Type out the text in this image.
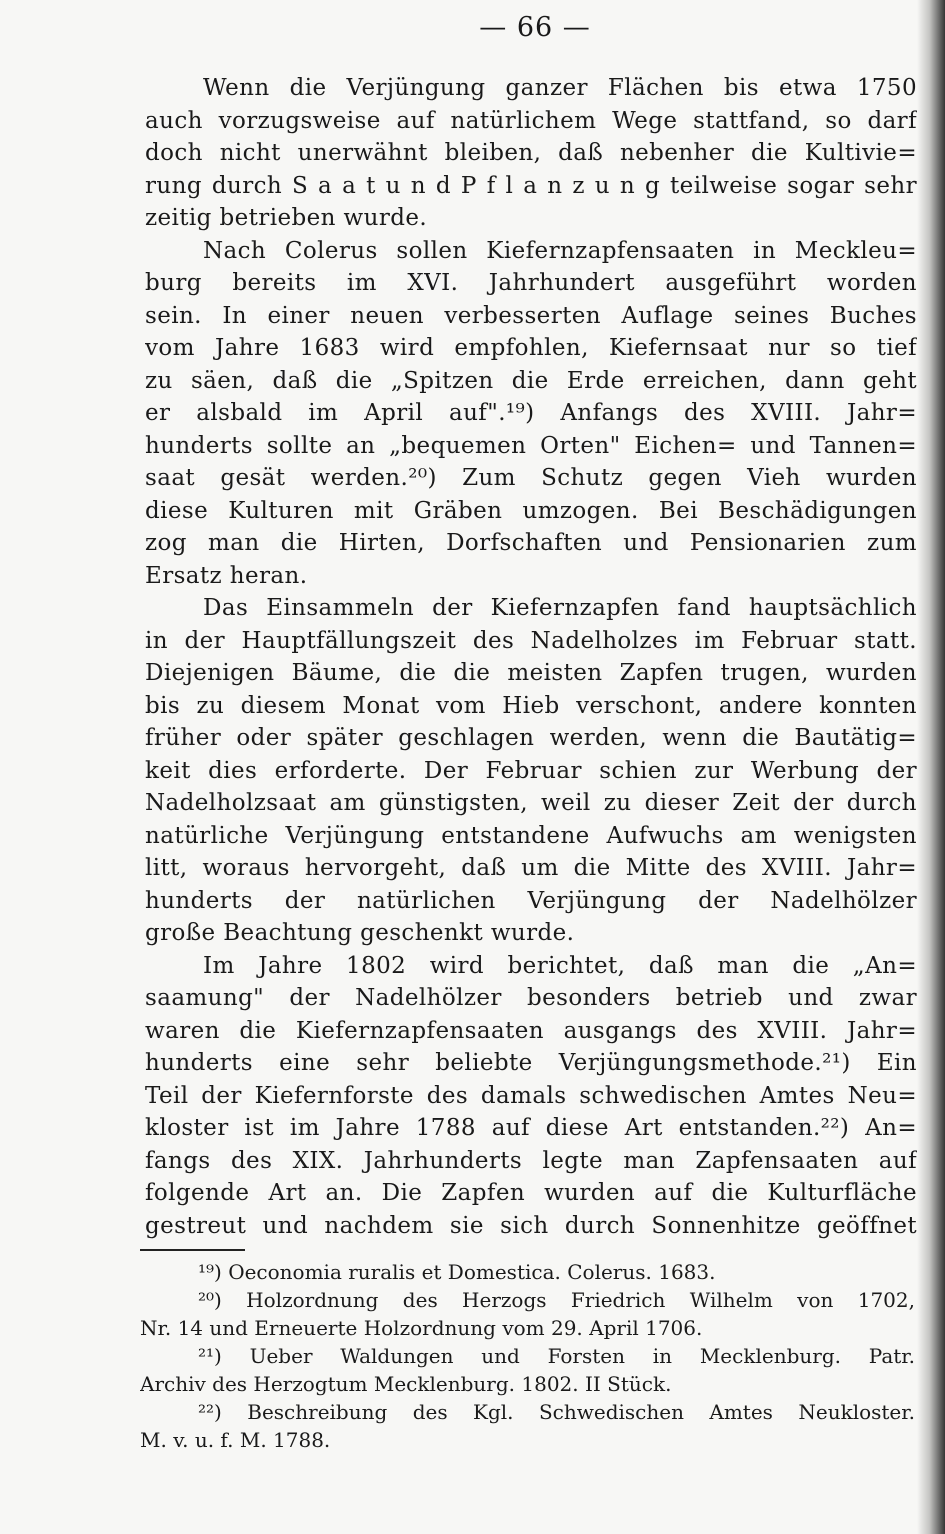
— 66 —
Wenn die Verjüngung ganzer Flächen bis etwa 1750
auch vorzugsweise auf natürlichem Wege stattfand, so darf
doch nicht unerwähnt bleiben, daß nebenher die Kultivie=
rung durch S a a t u n d P f l a n z u n g teilweise sogar sehr
zeitig betrieben wurde.
Nach Colerus sollen Kiefernzapfensaaten in Meckleu=
burg bereits im XVI. Jahrhundert ausgeführt worden
sein. In einer neuen verbesserten Auflage seines Buches
vom Jahre 1683 wird empfohlen, Kiefernsaat nur so tief
zu säen, daß die „Spitzen die Erde erreichen, dann geht
er alsbald im April auf".¹⁹) Anfangs des XVIII. Jahr=
hunderts sollte an „bequemen Orten" Eichen= und Tannen=
saat gesät werden.²⁰) Zum Schutz gegen Vieh wurden
diese Kulturen mit Gräben umzogen. Bei Beschädigungen
zog man die Hirten, Dorfschaften und Pensionarien zum
Ersatz heran.
Das Einsammeln der Kiefernzapfen fand hauptsächlich
in der Hauptfällungszeit des Nadelholzes im Februar statt.
Diejenigen Bäume, die die meisten Zapfen trugen, wurden
bis zu diesem Monat vom Hieb verschont, andere konnten
früher oder später geschlagen werden, wenn die Bautätig=
keit dies erforderte. Der Februar schien zur Werbung der
Nadelholzsaat am günstigsten, weil zu dieser Zeit der durch
natürliche Verjüngung entstandene Aufwuchs am wenigsten
litt, woraus hervorgeht, daß um die Mitte des XVIII. Jahr=
hunderts der natürlichen Verjüngung der Nadelhölzer
große Beachtung geschenkt wurde.
Im Jahre 1802 wird berichtet, daß man die „An=
saamung" der Nadelhölzer besonders betrieb und zwar
waren die Kiefernzapfensaaten ausgangs des XVIII. Jahr=
hunderts eine sehr beliebte Verjüngungsmethode.²¹) Ein
Teil der Kiefernforste des damals schwedischen Amtes Neu=
kloster ist im Jahre 1788 auf diese Art entstanden.²²) An=
fangs des XIX. Jahrhunderts legte man Zapfensaaten auf
folgende Art an. Die Zapfen wurden auf die Kulturfläche
gestreut und nachdem sie sich durch Sonnenhitze geöffnet
¹⁹) Oeconomia ruralis et Domestica. Colerus. 1683.
²⁰) Holzordnung des Herzogs Friedrich Wilhelm von 1702,
Nr. 14 und Erneuerte Holzordnung vom 29. April 1706.
²¹) Ueber Waldungen und Forsten in Mecklenburg. Patr.
Archiv des Herzogtum Mecklenburg. 1802. II Stück.
²²) Beschreibung des Kgl. Schwedischen Amtes Neukloster.
M. v. u. f. M. 1788.
